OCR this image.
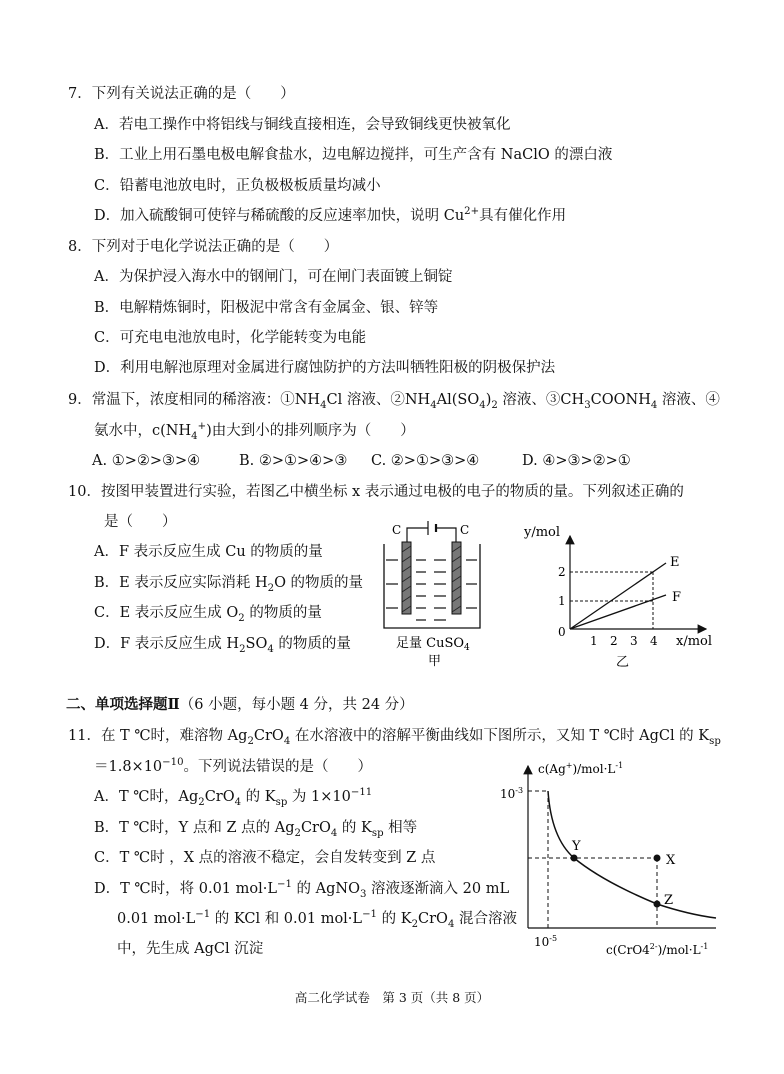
7．下列有关说法正确的是（　　）
A．若电工操作中将铝线与铜线直接相连，会导致铜线更快被氧化
B．工业上用石墨电极电解食盐水，边电解边搅拌，可生产含有 NaClO 的漂白液
C．铅蓄电池放电时，正负极极板质量均减小
D．加入硫酸铜可使锌与稀硫酸的反应速率加快，说明 $Cu^{2+}$具有催化作用
8．下列对于电化学说法正确的是（　　）
A．为保护浸入海水中的钢闸门，可在闸门表面镀上铜锭
B．电解精炼铜时，阳极泥中常含有金属金、银、锌等
C．可充电电池放电时，化学能转变为电能
D．利用电解池原理对金属进行腐蚀防护的方法叫牺牲阳极的阴极保护法
9．常温下，浓度相同的稀溶液：$①NH_4Cl$ 溶液、$②NH_4Al(SO_4)_2$ 溶液、$③CH_3COONH_4$ 溶液、④
氨水中，$c(NH_4^+)$由大到小的排列顺序为（　　）
A. ①>②>③>④	B. ②>①>④>③ C. ②>①>③>④	D. ④>③>②>①
10．按图甲装置进行实验，若图乙中横坐标 x 表示通过电极的电子的物质的量。下列叙述正确的
是（　　）
A．F 表示反应生成 Cu 的物质的量
B．E 表示反应实际消耗 $H_2O$ 的物质的量
C．E 表示反应生成 $O_2$ 的物质的量
D．F 表示反应生成 $H_2SO_4$ 的物质的量
C	C
足量 CuSO$_4$
甲
y/mol
x/mol
0
1 2 3 4
1
2
E
F
乙
二、单项选择题Ⅱ（6 小题，每小题 4 分，共 24 分）
11．在 T ℃时，难溶物 $Ag_2CrO_4$ 在水溶液中的溶解平衡曲线如下图所示，又知 T ℃时 AgCl 的 $K_{sp}$
$=1.8\times 10^{-10}$。下列说法错误的是（　　）
A．T ℃时，$Ag_2CrO_4$ 的 $K_{sp}$ 为 $1\times 10^{-11}$
B．T ℃时，Y 点和 Z 点的 $Ag_2CrO_4$ 的 $K_{sp}$ 相等
C．T ℃时 ，X 点的溶液不稳定，会自发转变到 Z 点
D．T ℃时，将 0.01 $mol\cdot L^{-1}$ 的 AgNO$_3$ 溶液逐渐滴入 20 mL
0.01 $mol\cdot L^{-1}$ 的 KCl 和 0.01 $mol\cdot L^{-1}$ 的 $K_2CrO_4$ 混合溶液
中，先生成 AgCl 沉淀
$c(Ag^+)/mol\cdot L^{-1}$
$10^{-3}$
$10^{-5}$
$c(CrO4^{2-})/mol\cdot L^{-1}$
Y
X
Z
高二化学试卷　第 3 页（共 8 页）
